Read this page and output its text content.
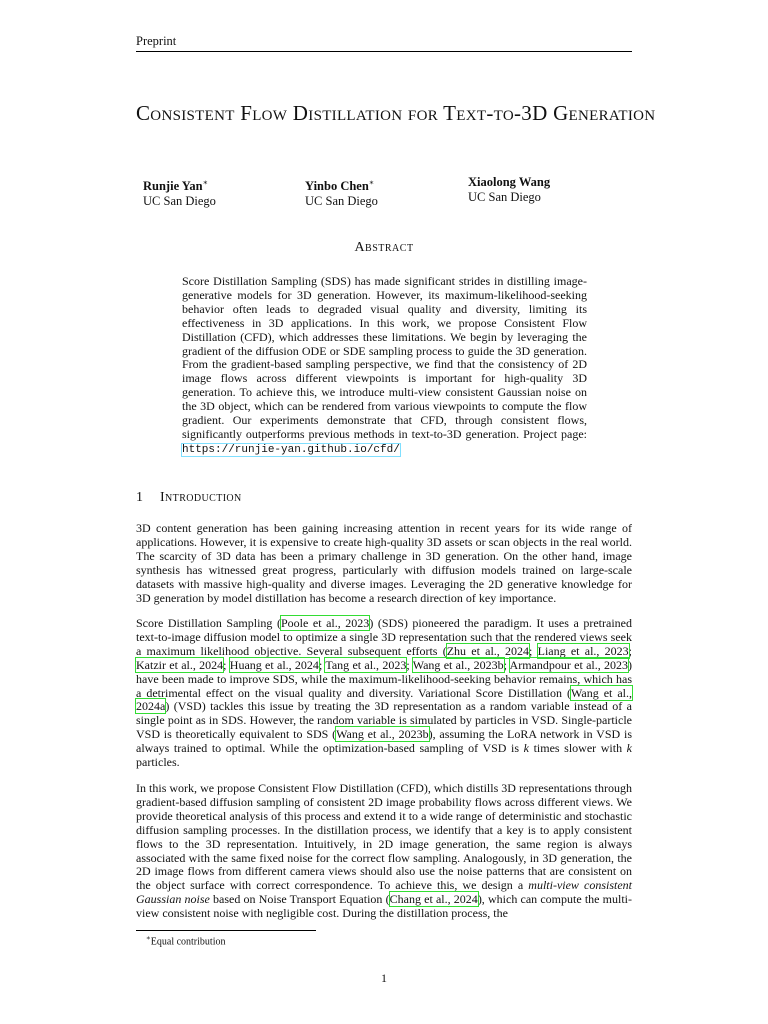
Preprint
Consistent Flow Distillation for Text-to-3D Generation
Runjie Yan∗
UC San Diego
Yinbo Chen∗
UC San Diego
Xiaolong Wang
UC San Diego
Abstract
Score Distillation Sampling (SDS) has made significant strides in distilling image-generative models for 3D generation. However, its maximum-likelihood-seeking behavior often leads to degraded visual quality and diversity, limiting its effectiveness in 3D applications. In this work, we propose Consistent Flow Distillation (CFD), which addresses these limitations. We begin by leveraging the gradient of the diffusion ODE or SDE sampling process to guide the 3D generation. From the gradient-based sampling perspective, we find that the consistency of 2D image flows across different viewpoints is important for high-quality 3D generation. To achieve this, we introduce multi-view consistent Gaussian noise on the 3D object, which can be rendered from various viewpoints to compute the flow gradient. Our experiments demonstrate that CFD, through consistent flows, significantly outperforms previous methods in text-to-3D generation. Project page: https://runjie-yan.github.io/cfd/
1 Introduction
3D content generation has been gaining increasing attention in recent years for its wide range of applications. However, it is expensive to create high-quality 3D assets or scan objects in the real world. The scarcity of 3D data has been a primary challenge in 3D generation. On the other hand, image synthesis has witnessed great progress, particularly with diffusion models trained on large-scale datasets with massive high-quality and diverse images. Leveraging the 2D generative knowledge for 3D generation by model distillation has become a research direction of key importance.
Score Distillation Sampling (Poole et al., 2023) (SDS) pioneered the paradigm. It uses a pretrained text-to-image diffusion model to optimize a single 3D representation such that the rendered views seek a maximum likelihood objective. Several subsequent efforts (Zhu et al., 2024; Liang et al., 2023; Katzir et al., 2024; Huang et al., 2024; Tang et al., 2023; Wang et al., 2023b; Armandpour et al., 2023) have been made to improve SDS, while the maximum-likelihood-seeking behavior remains, which has a detrimental effect on the visual quality and diversity. Variational Score Distillation (Wang et al., 2024a) (VSD) tackles this issue by treating the 3D representation as a random variable instead of a single point as in SDS. However, the random variable is simulated by particles in VSD. Single-particle VSD is theoretically equivalent to SDS (Wang et al., 2023b), assuming the LoRA network in VSD is always trained to optimal. While the optimization-based sampling of VSD is k times slower with k particles.
In this work, we propose Consistent Flow Distillation (CFD), which distills 3D representations through gradient-based diffusion sampling of consistent 2D image probability flows across different views. We provide theoretical analysis of this process and extend it to a wide range of deterministic and stochastic diffusion sampling processes. In the distillation process, we identify that a key is to apply consistent flows to the 3D representation. Intuitively, in 2D image generation, the same region is always associated with the same fixed noise for the correct flow sampling. Analogously, in 3D generation, the 2D image flows from different camera views should also use the noise patterns that are consistent on the object surface with correct correspondence. To achieve this, we design a multi-view consistent Gaussian noise based on Noise Transport Equation (Chang et al., 2024), which can compute the multi-view consistent noise with negligible cost. During the distillation process, the
∗Equal contribution
1
